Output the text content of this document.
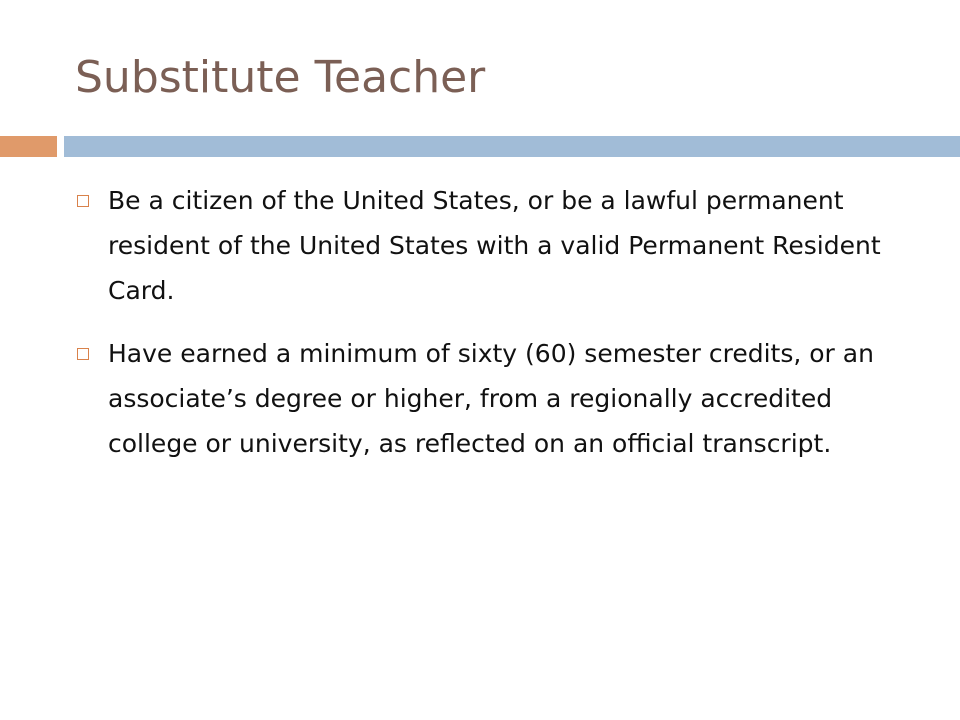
Substitute Teacher
Be a citizen of the United States, or be a lawful permanent resident of the United States with a valid Permanent Resident Card.
Have earned a minimum of sixty (60) semester credits, or an associate’s degree or higher, from a regionally accredited college or university, as reflected on an official transcript.
